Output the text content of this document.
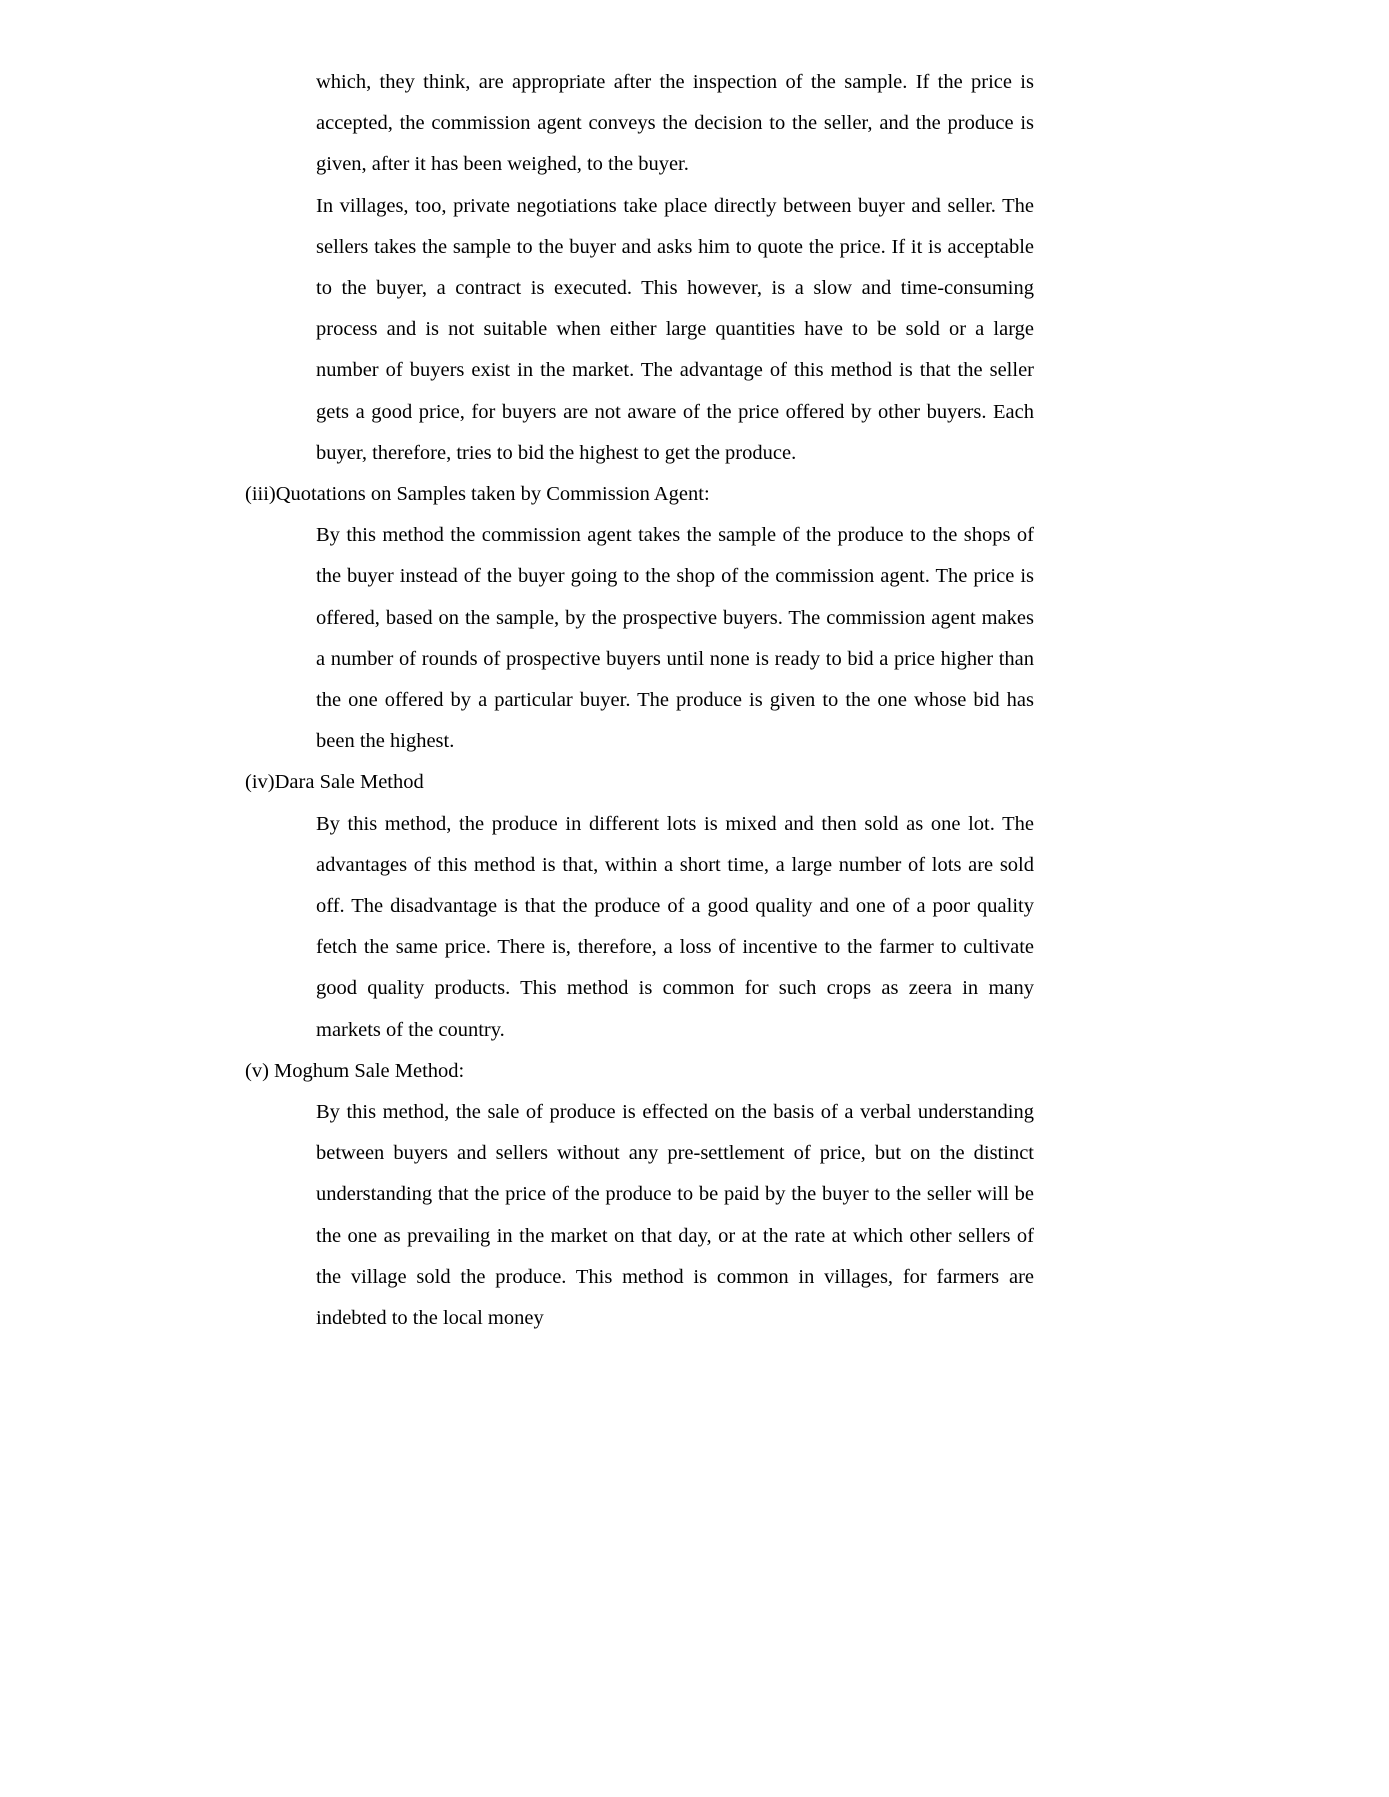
which, they think, are appropriate after the inspection of the sample. If the price is accepted, the commission agent conveys the decision to the seller, and the produce is given, after it has been weighed, to the buyer.

In villages, too, private negotiations take place directly between buyer and seller. The sellers takes the sample to the buyer and asks him to quote the price. If it is acceptable to the buyer, a contract is executed. This however, is a slow and time-consuming process and is not suitable when either large quantities have to be sold or a large number of buyers exist in the market. The advantage of this method is that the seller gets a good price, for buyers are not aware of the price offered by other buyers. Each buyer, therefore, tries to bid the highest to get the produce.

(iii)Quotations on Samples taken by Commission Agent:

By this method the commission agent takes the sample of the produce to the shops of the buyer instead of the buyer going to the shop of the commission agent. The price is offered, based on the sample, by the prospective buyers. The commission agent makes a number of rounds of prospective buyers until none is ready to bid a price higher than the one offered by a particular buyer. The produce is given to the one whose bid has been the highest.

(iv)Dara Sale Method

By this method, the produce in different lots is mixed and then sold as one lot. The advantages of this method is that, within a short time, a large number of lots are sold off. The disadvantage is that the produce of a good quality and one of a poor quality fetch the same price. There is, therefore, a loss of incentive to the farmer to cultivate good quality products. This method is common for such crops as zeera in many markets of the country.

(v) Moghum Sale Method:

By this method, the sale of produce is effected on the basis of a verbal understanding between buyers and sellers without any pre-settlement of price, but on the distinct understanding that the price of the produce to be paid by the buyer to the seller will be the one as prevailing in the market on that day, or at the rate at which other sellers of the village sold the produce. This method is common in villages, for farmers are indebted to the local money
